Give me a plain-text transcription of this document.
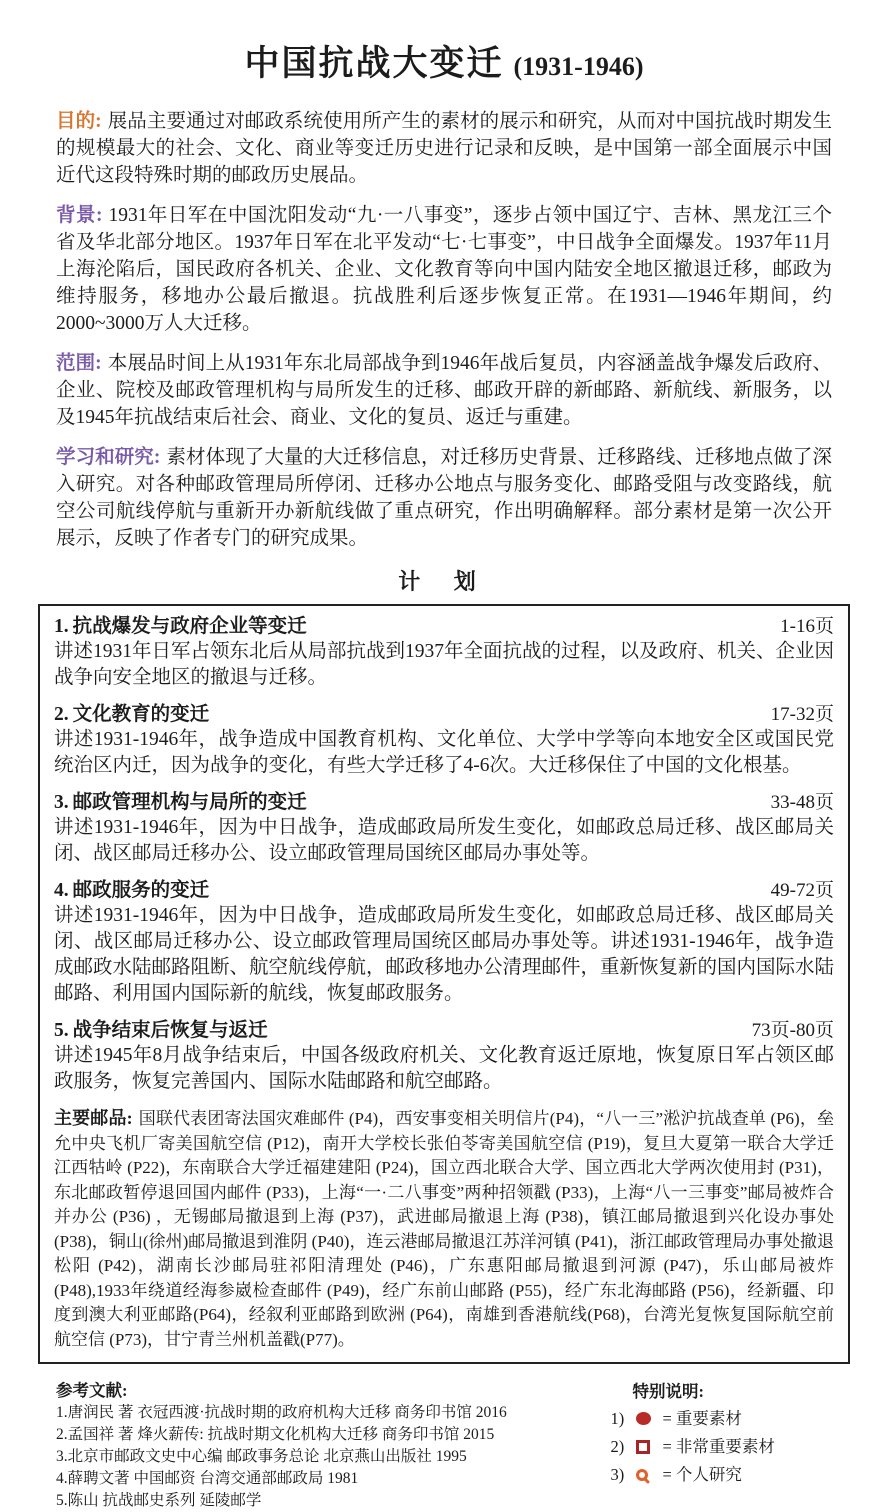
中国抗战大变迁 (1931-1946)

目的: 展品主要通过对邮政系统使用所产生的素材的展示和研究，从而对中国抗战时期发生的规模最大的社会、文化、商业等变迁历史进行记录和反映，是中国第一部全面展示中国近代这段特殊时期的邮政历史展品。

背景: 1931年日军在中国沈阳发动“九·一八事变”，逐步占领中国辽宁、吉林、黑龙江三个省及华北部分地区。1937年日军在北平发动“七·七事变”，中日战争全面爆发。1937年11月上海沦陷后，国民政府各机关、企业、文化教育等向中国内陆安全地区撤退迁移，邮政为维持服务，移地办公最后撤退。抗战胜利后逐步恢复正常。在1931—1946年期间，约2000~3000万人大迁移。

范围: 本展品时间上从1931年东北局部战争到1946年战后复员，内容涵盖战争爆发后政府、企业、院校及邮政管理机构与局所发生的迁移、邮政开辟的新邮路、新航线、新服务，以及1945年抗战结束后社会、商业、文化的复员、返迁与重建。

学习和研究: 素材体现了大量的大迁移信息，对迁移历史背景、迁移路线、迁移地点做了深入研究。对各种邮政管理局所停闭、迁移办公地点与服务变化、邮路受阻与改变路线，航空公司航线停航与重新开办新航线做了重点研究，作出明确解释。部分素材是第一次公开展示，反映了作者专门的研究成果。

计 划
1. 抗战爆发与政府企业等变迁	1-16页
讲述1931年日军占领东北后从局部抗战到1937年全面抗战的过程，以及政府、机关、企业因战争向安全地区的撤退与迁移。
2. 文化教育的变迁	17-32页
讲述1931-1946年，战争造成中国教育机构、文化单位、大学中学等向本地安全区或国民党统治区内迁，因为战争的变化，有些大学迁移了4-6次。大迁移保住了中国的文化根基。
3. 邮政管理机构与局所的变迁	33-48页
讲述1931-1946年，因为中日战争，造成邮政局所发生变化，如邮政总局迁移、战区邮局关闭、战区邮局迁移办公、设立邮政管理局国统区邮局办事处等。
4. 邮政服务的变迁	49-72页
讲述1931-1946年，因为中日战争，造成邮政局所发生变化，如邮政总局迁移、战区邮局关闭、战区邮局迁移办公、设立邮政管理局国统区邮局办事处等。讲述1931-1946年，战争造成邮政水陆邮路阻断、航空航线停航，邮政移地办公清理邮件，重新恢复新的国内国际水陆邮路、利用国内国际新的航线，恢复邮政服务。
5. 战争结束后恢复与返迁	73页-80页
讲述1945年8月战争结束后，中国各级政府机关、文化教育返迁原地，恢复原日军占领区邮政服务，恢复完善国内、国际水陆邮路和航空邮路。

主要邮品: 国联代表团寄法国灾难邮件 (P4)，西安事变相关明信片(P4)，“八一三”淞沪抗战查单 (P6)，垒允中央飞机厂寄美国航空信 (P12)，南开大学校长张伯苓寄美国航空信 (P19)，复旦大夏第一联合大学迁江西牯岭 (P22)，东南联合大学迁福建建阳 (P24)，国立西北联合大学、国立西北大学两次使用封 (P31)，东北邮政暂停退回国内邮件 (P33)，上海“一·二八事变”两种招领戳 (P33)，上海“八一三事变”邮局被炸合并办公 (P36) ，无锡邮局撤退到上海 (P37)，武进邮局撤退上海 (P38)，镇江邮局撤退到兴化设办事处 (P38)，铜山(徐州)邮局撤退到淮阴 (P40)，连云港邮局撤退江苏洋河镇 (P41)，浙江邮政管理局办事处撤退松阳 (P42)，湖南长沙邮局驻祁阳清理处 (P46)，广东惠阳邮局撤退到河源 (P47)，乐山邮局被炸(P48),1933年绕道经海参崴检查邮件 (P49)，经广东前山邮路 (P55)，经广东北海邮路 (P56)，经新疆、印度到澳大利亚邮路(P64)，经叙利亚邮路到欧洲 (P64)，南雄到香港航线(P68)，台湾光复恢复国际航空前航空信 (P73)，甘宁青兰州机盖戳(P77)。

参考文献:
1.唐润民 著 衣冠西渡·抗战时期的政府机构大迁移 商务印书馆 2016
2.孟国祥 著 烽火薪传: 抗战时期文化机构大迁移 商务印书馆 2015
3.北京市邮政文史中心编 邮政事务总论 北京燕山出版社 1995
4.薛聘文著 中国邮资 台湾交通部邮政局 1981
5.陈山 抗战邮史系列 延陵邮学
特别说明:
1)	= 重要素材
2)	= 非常重要素材
3)	= 个人研究
